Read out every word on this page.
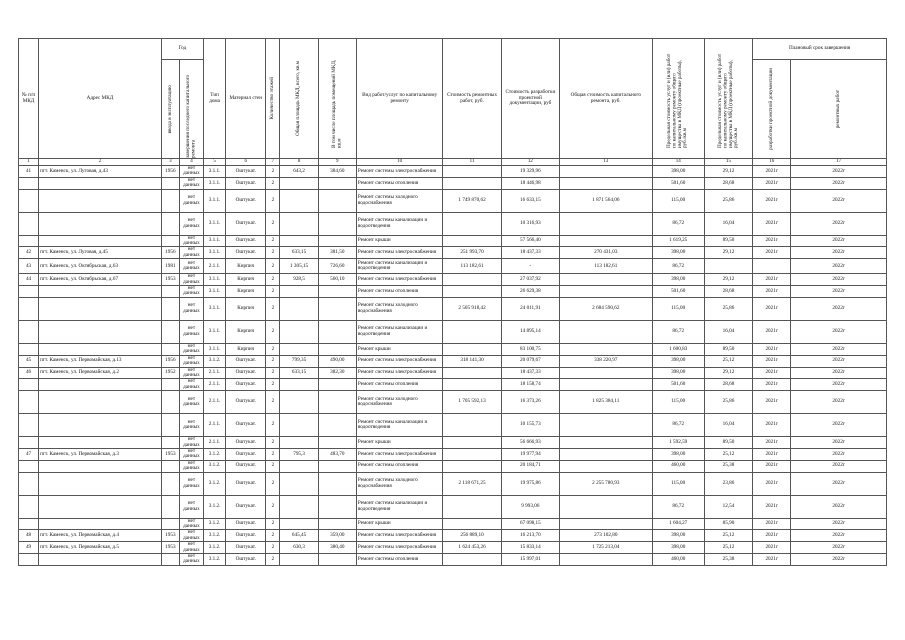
№ п/п МКД	Адрес МКД	Год		Тип дома	Материал стен	Количество этажей	Общая площадь МКД, всего, кв.м	В том числе площадь помещений МКД, кв.м	Вид работ/услуг по капитальному ремонту	Стоимость ремонтных работ, руб.	Стоимость разработки проектной документации, руб	Общая стоимость капитального ремонта, руб.	Предельная стоимость услуг и (или) работ по капитальному ремонту общего имущества в МКД (проектные работы), руб./кв.м	Предельная стоимость услуг и (или) работ по капитальному ремонту общего имущества в МКД (проектные работы), руб./кв.м	Плановый срок завершения	

		ввода в эксплуатацию	завершения последнего капитального ремонта												разработки проектной документации	ремонтных работ

1	2	3	4	5	6	7	8	9	10	11	12	13	14	15	16	17
41	пгт. Каменск, ул. Луговая, д.43	1956	нет данных	3.1.1.	Оштукат.	2	643,2	384,60	Ремонт системы электроснабжения		19 329,96		398,00	29,12	2021г	2022г
			нет данных	3.1.1.	Оштукат.	2			Ремонт системы отопления		18 446,98		501,60	28,68	2021г	2022г
			нет данных	3.1.1.	Оштукат.	2			Ремонт системы холодного водоснабжения	1 749 870,62	16 633,15	1 871 564,06	115,00	25,86	2021г	2022г
			нет данных	3.1.1.	Оштукат.	2			Ремонт системы канализации и водоотведения		10 316,93		86,72	16,04	2021г	2022г
			нет данных	3.1.1.	Оштукат.	2			Ремонт крыши		57 566,40		1 619,25	89,50	2021г	2022г
42	пгт. Каменск, ул. Луговая, д.45	1956	нет данных	3.1.1.	Оштукат.	2	633,15	381,50	Ремонт системы электроснабжения	251 993,70	18 437,33	270 431,03	398,00	29,12	2021г	2022г
43	пгт. Каменск, ул. Октябрьская, д.63	1981	нет данных	2.1.1.	Кирпич	2	1 305,15	726,60	Ремонт системы канализации и водоотведения	113 182,61	-	113 182,61	86,72			2022г
44	пгт. Каменск, ул. Октябрьская, д.67	1953	нет данных	3.1.1.	Кирпич	2	928,5	560,10	Ремонт системы электроснабжения		27 037,92		398,00	29,12	2021г	2022г
			нет данных	3.1.1.	Кирпич	2			Ремонт системы отопления		26 629,38		501,60	28,68	2021г	2022г
			нет данных	3.1.1.	Кирпич	2			Ремонт системы холодного водоснабжения	2 505 918,42	24 011,91	2 684 590,62	115,00	25,86	2021г	2022г
			нет данных	3.1.1.	Кирпич	2			Ремонт системы канализации и водоотведения		14 895,14		86,72	16,04	2021г	2022г
			нет данных	3.1.1.	Кирпич	2			Ремонт крыши		83 100,75		1 600,83	89,50	2021г	2022г
45	пгт. Каменск, ул. Первомайская, д.13	1956	нет данных	3.1.2.	Оштукат.	2	799,35	490,00	Ремонт системы электроснабжения	318 141,30	20 079,67	338 220,97	398,00	25,12	2021г	2022г
46	пгт. Каменск, ул. Первомайская, д.2	1952	нет данных	2.1.1.	Оштукат.	2	633,15	382,30	Ремонт системы электроснабжения		18 437,33		398,00	29,12	2021г	2022г
			нет данных	2.1.1.	Оштукат.	2			Ремонт системы отопления		18 158,74		501,60	28,68	2021г	2022г
			нет данных	2.1.1.	Оштукат.	2			Ремонт системы холодного водоснабжения	1 705 592,13	16 373,26	1 825 384,11	115,00	25,86	2021г	2022г
			нет данных	2.1.1.	Оштукат.	2			Ремонт системы канализации и водоотведения		10 155,73		86,72	16,04	2021г	2022г
			нет данных	2.1.1.	Оштукат.	2			Ремонт крыши		56 666,93		1 592,59	89,50	2021г	2022г
47	пгт. Каменск, ул. Первомайская, д.3	1953	нет данных	3.1.2.	Оштукат.	2	795,3	483,70	Ремонт системы электроснабжения		19 977,94		398,00	25,12	2021г	2022г
			нет данных	3.1.2.	Оштукат.	2			Ремонт системы отопления		20 184,71		460,00	25,38	2021г	2022г
			нет данных	3.1.2.	Оштукат.	2			Ремонт системы холодного водоснабжения	2 118 671,25	19 975,86	2 255 780,93	115,00	23,86	2021г	2022г
			нет данных	3.1.2.	Оштукат.	2			Ремонт системы канализации и водоотведения		9 993,06		86,72	12,54	2021г	2022г
			нет данных	3.1.2.	Оштукат.	2			Ремонт крыши		67 098,15		1 604,27	85,90	2021г	2022г
48	пгт. Каменск, ул. Первомайская, д.4	1953	нет данных	3.1.2.	Оштукат.	2	645,45	359,00	Ремонт системы электроснабжения	256 889,10	16 213,70	273 102,80	398,00	25,12	2021г	2022г
49	пгт. Каменск, ул. Первомайская, д.5	1953	нет данных	3.1.2.	Оштукат.	2	630,3	380,40	Ремонт системы электроснабжения	1 624 453,26	15 833,14	1 725 213,04	398,00	25,12	2021г	2022г
			нет данных	3.1.2.	Оштукат.	2			Ремонт системы отопления		15 997,01		460,00	25,38	2021г	2022г
